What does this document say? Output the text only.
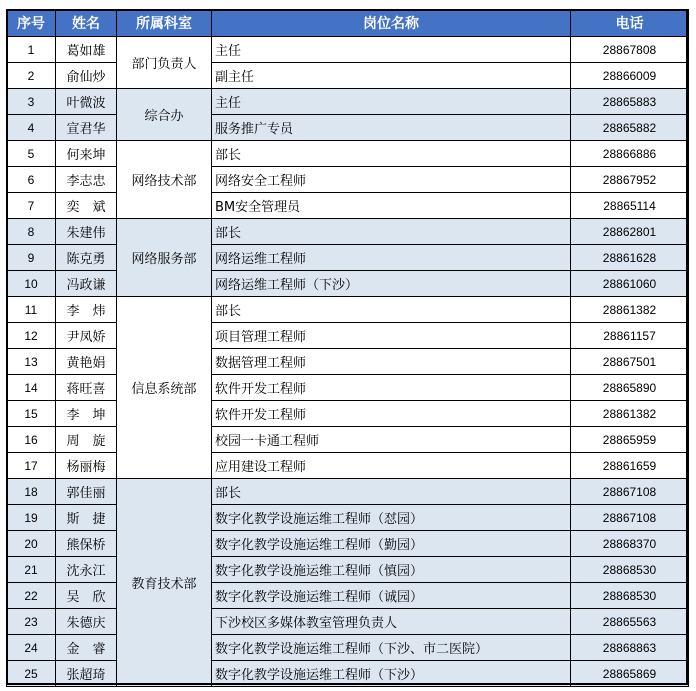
序号	姓名	所属科室	岗位名称	电话
1	葛如雄	部门负责人	主任	28867808
2	俞仙炒		副主任	28866009
3	叶微波	综合办	主任	28865883
4	宣君华		服务推广专员	28865882
5	何来坤	网络技术部	部长	28866886
6	李志忠		网络安全工程师	28867952
7	奕　斌		BM安全管理员	28865114
8	朱建伟	网络服务部	部长	28862801
9	陈克勇		网络运维工程师	28861628
10	冯政谦		网络运维工程师（下沙）	28861060
11	李　炜	信息系统部	部长	28861382
12	尹凤娇		项目管理工程师	28861157
13	黄艳娟		数据管理工程师	28867501
14	蒋旺喜		软件开发工程师	28865890
15	李　坤		软件开发工程师	28861382
16	周　旋		校园一卡通工程师	28865959
17	杨丽梅		应用建设工程师	28861659
18	郭佳丽	教育技术部	部长	28867108
19	斯　捷		数字化教学设施运维工程师（怼园）	28867108
20	熊保桥		数字化教学设施运维工程师（勤园）	28868370
21	沈永江		数字化教学设施运维工程师（慎园）	28868530
22	吴　欣		数字化教学设施运维工程师（诚园）	28868530
23	朱德庆		下沙校区多媒体教室管理负责人	28865563
24	金　睿		数字化教学设施运维工程师（下沙、市二医院）	28868863
25	张超琦		数字化教学设施运维工程师（下沙）	28865869
